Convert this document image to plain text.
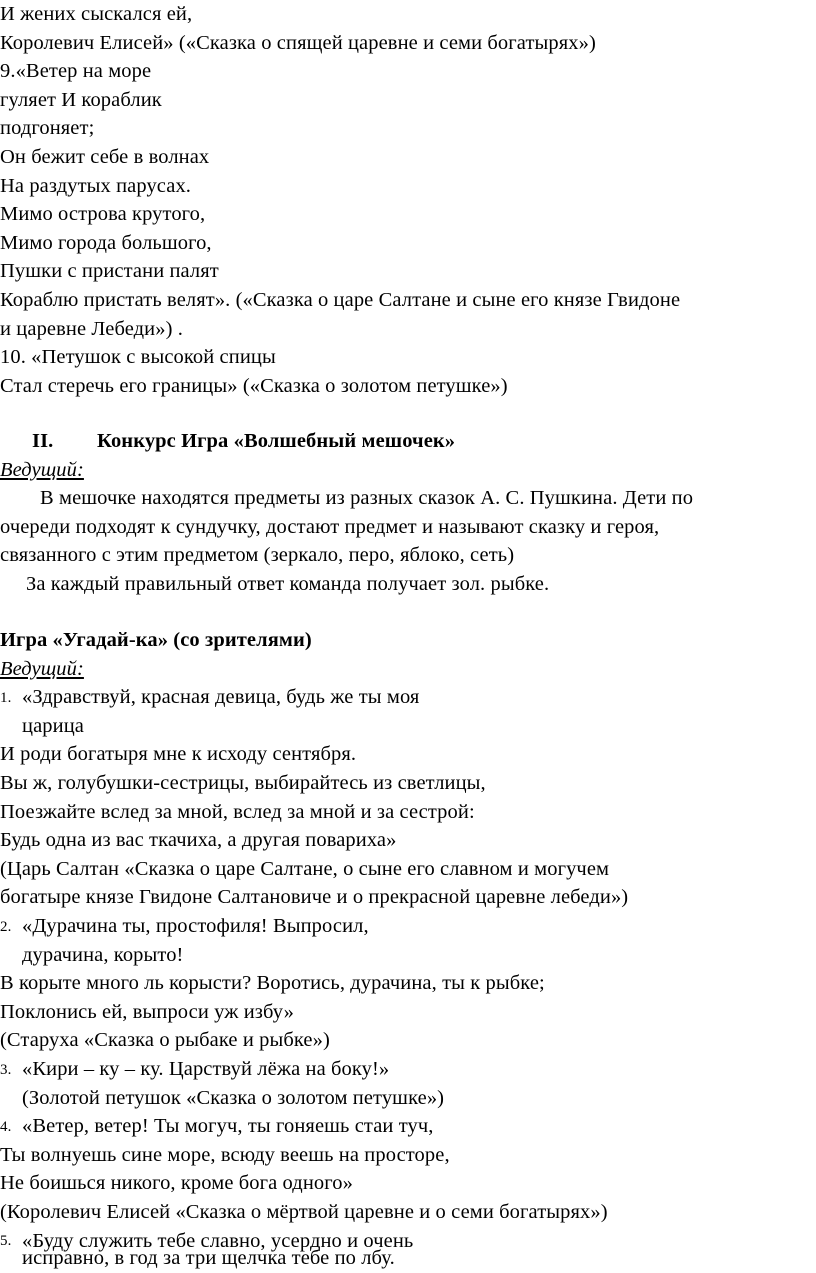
И жених сыскался ей,
Королевич Елисей» («Сказка о спящей царевне и семи богатырях»)
9.«Ветер на море
гуляет И кораблик
подгоняет;
Он бежит себе в волнах
На раздутых парусах.
Мимо острова крутого,
Мимо города большого,
Пушки с пристани палят
Кораблю пристать велят». («Сказка о царе Салтане и сыне его князе Гвидоне
и царевне Лебеди») .
10. «Петушок с высокой спицы
Стал стеречь его границы» («Сказка о золотом петушке»)
II. Конкурс Игра «Волшебный мешочек»
Ведущий:
В мешочке находятся предметы из разных сказок А. С. Пушкина. Дети по
очереди подходят к сундучку, достают предмет и называют сказку и героя,
связанного с этим предметом (зеркало, перо, яблоко, сеть)
За каждый правильный ответ команда получает зол. рыбке.
Игра «Угадай-ка» (со зрителями)
Ведущий:
1. «Здравствуй, красная девица, будь же ты моя
царица
И роди богатыря мне к исходу сентября.
Вы ж, голубушки-сестрицы, выбирайтесь из светлицы,
Поезжайте вслед за мной, вслед за мной и за сестрой:
Будь одна из вас ткачиха, а другая повариха»
(Царь Салтан «Сказка о царе Салтане, о сыне его славном и могучем
богатыре князе Гвидоне Салтановиче и о прекрасной царевне лебеди»)
2. «Дурачина ты, простофиля! Выпросил,
дурачина, корыто!
В корыте много ль корысти? Воротись, дурачина, ты к рыбке;
Поклонись ей, выпроси уж избу»
(Старуха «Сказка о рыбаке и рыбке»)
3. «Кири – ку – ку. Царствуй лёжа на боку!»
(Золотой петушок «Сказка о золотом петушке»)
4. «Ветер, ветер! Ты могуч, ты гоняешь стаи туч,
Ты волнуешь сине море, всюду веешь на просторе,
Не боишься никого, кроме бога одного»
(Королевич Елисей «Сказка о мёртвой царевне и о семи богатырях»)
5. «Буду служить тебе славно, усердно и очень
исправно, в год за три щелчка тебе по лбу.
